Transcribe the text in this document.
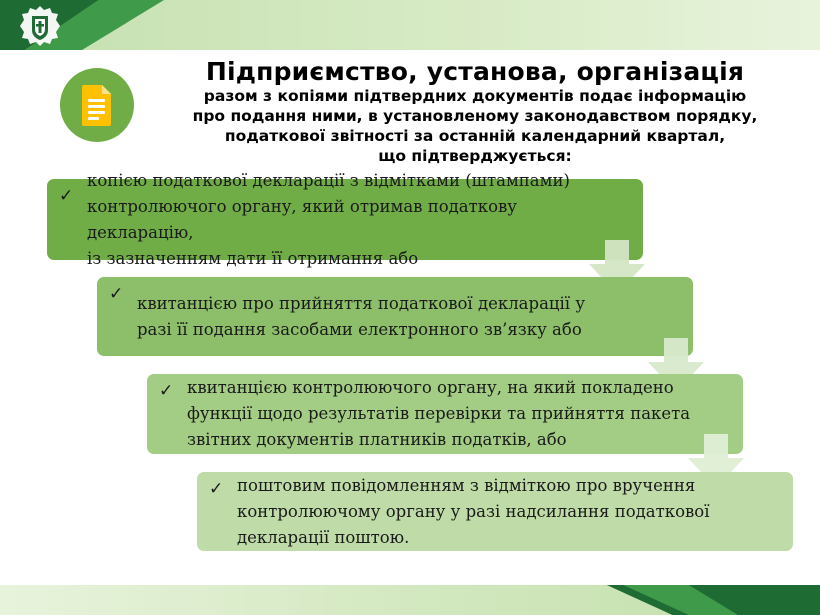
Підприємство, установа, організація
разом з копіями підтвердних документів подає інформацію
про подання ними, в установленому законодавством порядку,
податкової звітності за останній календарний квартал,
що підтверджується:
✓
копією податкової декларації з відмітками (штампами)
контролюючого органу, який отримав податкову декларацію,
із зазначенням дати її отримання або
✓ квитанцією про прийняття податкової декларації у
разі її подання засобами електронного зв’язку або
✓ квитанцією контролюючого органу, на який покладено
функції щодо результатів перевірки та прийняття пакета
звітних документів платників податків, або
✓ поштовим повідомленням з відміткою про вручення
контролюючому органу у разі надсилання податкової
декларації поштою.
